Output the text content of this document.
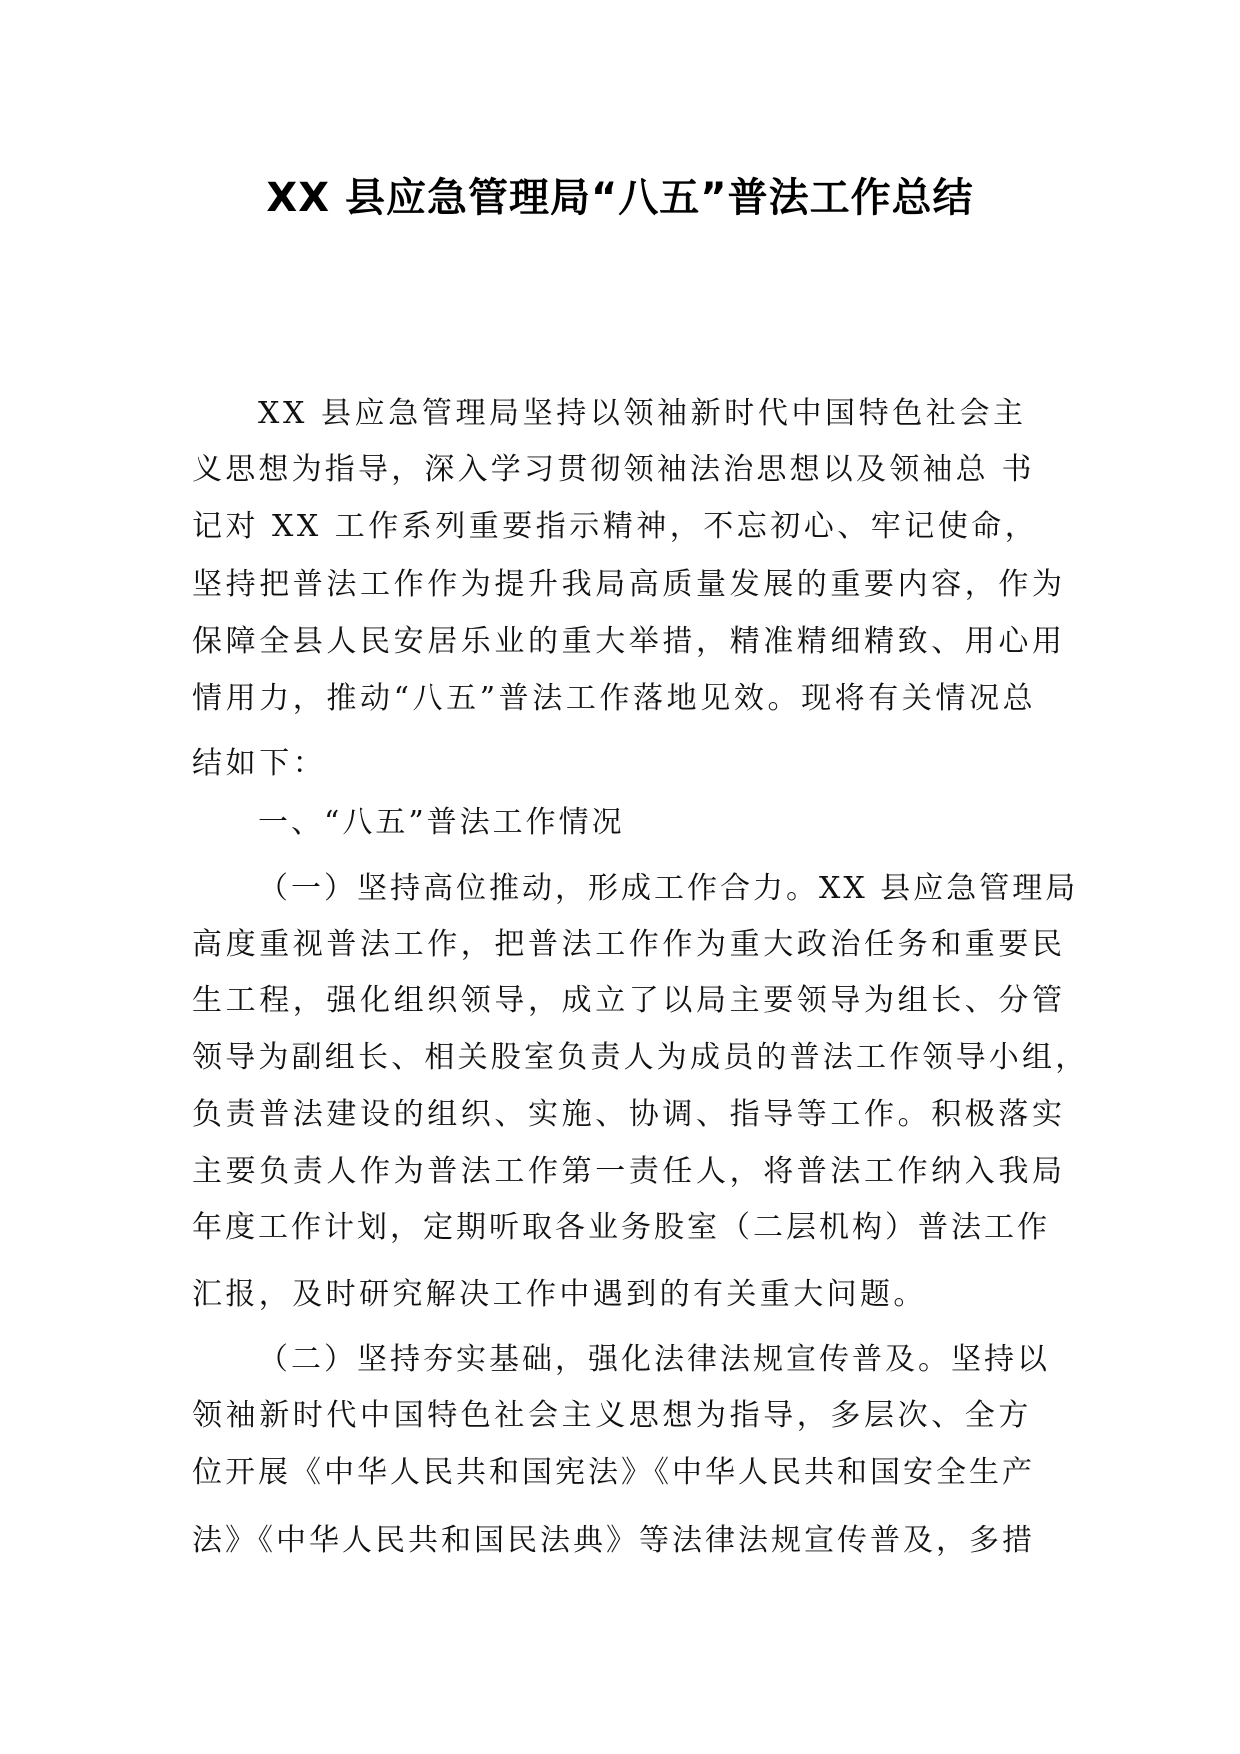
XX 县应急管理局“八五”普法工作总结

XX 县应急管理局坚持以领袖新时代中国特色社会主

义思想为指导，深入学习贯彻领袖法治思想以及领袖总 书

记对 XX 工作系列重要指示精神，不忘初心、牢记使命，

坚持把普法工作作为提升我局高质量发展的重要内容，作为

保障全县人民安居乐业的重大举措，精准精细精致、用心用

情用力，推动“八五”普法工作落地见效。现将有关情况总

结如下：

一、“八五”普法工作情况

（一）坚持高位推动，形成工作合力。XX 县应急管理局

高度重视普法工作，把普法工作作为重大政治任务和重要民

生工程，强化组织领导，成立了以局主要领导为组长、分管

领导为副组长、相关股室负责人为成员的普法工作领导小组，

负责普法建设的组织、实施、协调、指导等工作。积极落实

主要负责人作为普法工作第一责任人，将普法工作纳入我局

年度工作计划，定期听取各业务股室（二层机构）普法工作

汇报，及时研究解决工作中遇到的有关重大问题。

（二）坚持夯实基础，强化法律法规宣传普及。坚持以

领袖新时代中国特色社会主义思想为指导，多层次、全方

位开展《中华人民共和国宪法》《中华人民共和国安全生产

法》《中华人民共和国民法典》等法律法规宣传普及，多措
